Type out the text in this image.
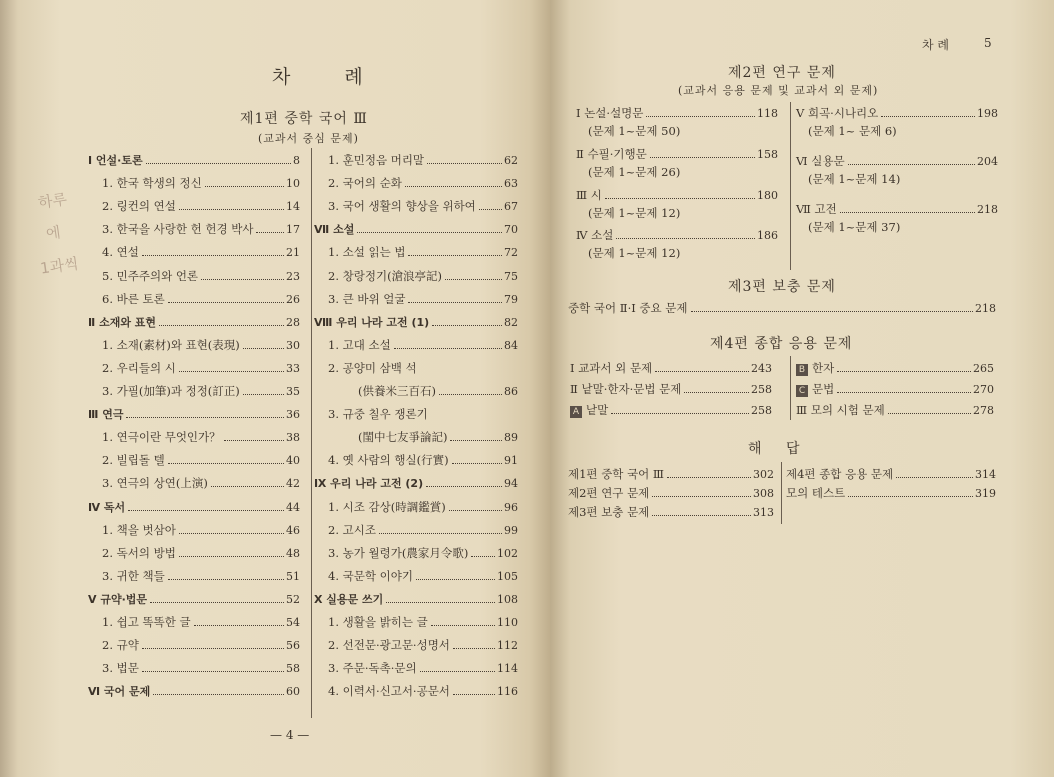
차 례
제1편 중학 국어 Ⅲ
(교과서 중심 문제)
Ⅰ 언설·토론	8
1. 한국 학생의 정신	10
2. 링컨의 연설	14
3. 한국을 사랑한 헌 헌경 박사	17
4. 연설	21
5. 민주주의와 언론	23
6. 바른 토론	26
Ⅱ 소재와 표현	28
1. 소재(素材)와 표현(表現)	30
2. 우리들의 시	33
3. 가필(加筆)과 정정(訂正)	35
Ⅲ 연극	36
1. 연극이란 무엇인가？	38
2. 빌립돌 텔	40
3. 연극의 상연(上演)	42
Ⅳ 독서	44
1. 책을 벗삼아	46
2. 독서의 방법	48
3. 귀한 책들	51
Ⅴ 규약·법문	52
1. 쉽고 똑똑한 글	54
2. 규약	56
3. 법문	58
Ⅵ 국어 문제	60
1. 훈민정음 머리말	62
2. 국어의 순화	63
3. 국어 생활의 향상을 위하여	67
Ⅶ 소설	70
1. 소설 읽는 법	72
2. 창랑정기(滄浪亭記)	75
3. 큰 바위 얼굴	79
Ⅷ 우리 나라 고전 (1)	82
1. 고대 소설	84
2. 공양미 삼백 석
(供養米三百石)	86
3. 규중 칠우 쟁론기
(閨中七友爭論記)	89
4. 옛 사람의 행실(行實)	91
Ⅸ 우리 나라 고전 (2)	94
1. 시조 감상(時調鑑賞)	96
2. 고시조	99
3. 농가 월령가(農家月令歌)	102
4. 국문학 이야기	105
Ⅹ 실용문 쓰기	108
1. 생활을 밝히는 글	110
2. 선전문·광고문·성명서	112
3. 주문·독촉·문의	114
4. 이력서·신고서·공문서	116
하루
에
1과씩
— 4 —
차 례	5
제2편 연구 문제
(교과서 응용 문제 및 교과서 외 문제)
Ⅰ 논설·설명문	118
(문제 1~문제 50)
Ⅱ 수필·기행문	158
(문제 1~문제 26)
Ⅲ 시	180
(문제 1~문제 12)
Ⅳ 소설	186
(문제 1~문제 12)
Ⅴ 희곡·시나리오	198
(문제 1~ 문제 6)
Ⅵ 실용문	204
(문제 1~문제 14)
Ⅶ 고전	218
(문제 1~문제 37)
제3편 보충 문제
중학 국어 Ⅱ·Ⅰ 중요 문제	218
제4편 종합 응용 문제
Ⅰ 교과서 외 문제	243
Ⅱ 낱말·한자·문법 문제	258
A 낱말	258
B 한자	265
C 문법	270
Ⅲ 모의 시험 문제	278
해 답
제1편 중학 국어 Ⅲ	302
제2편 연구 문제	308
제3편 보충 문제	313
제4편 종합 응용 문제	314
모의 테스트	319
